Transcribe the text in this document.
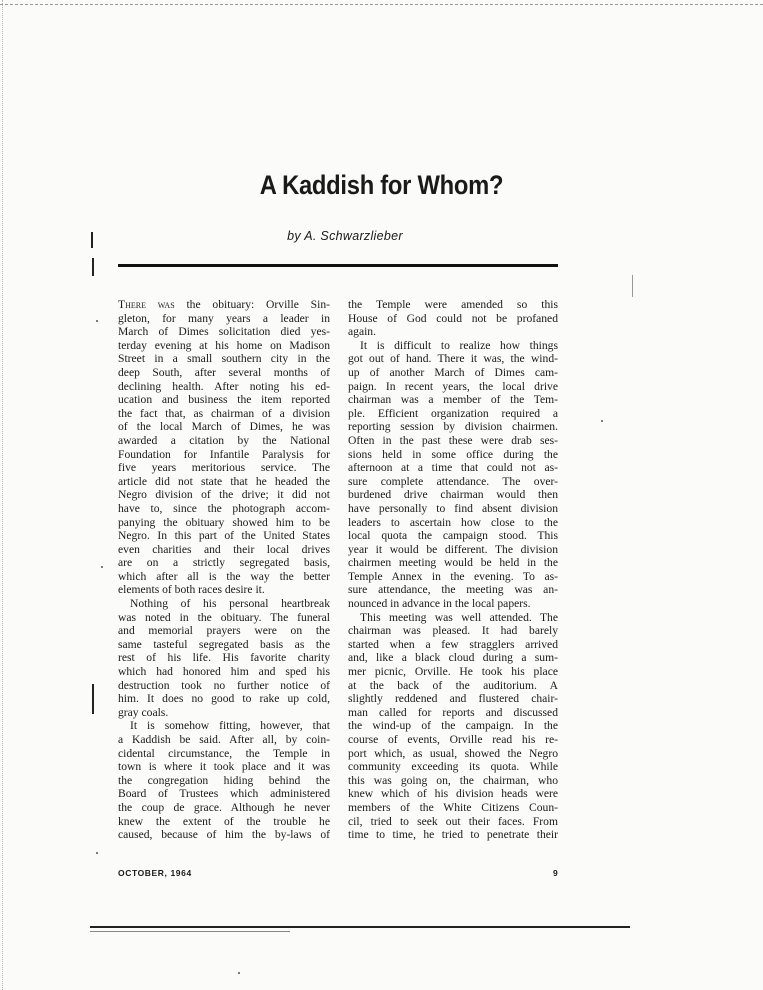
A Kaddish for Whom?
by A. Schwarzlieber
There was the obituary: Orville Sin-
gleton, for many years a leader in
March of Dimes solicitation died yes-
terday evening at his home on Madison
Street in a small southern city in the
deep South, after several months of
declining health. After noting his ed-
ucation and business the item reported
the fact that, as chairman of a division
of the local March of Dimes, he was
awarded a citation by the National
Foundation for Infantile Paralysis for
five years meritorious service. The
article did not state that he headed the
Negro division of the drive; it did not
have to, since the photograph accom-
panying the obituary showed him to be
Negro. In this part of the United States
even charities and their local drives
are on a strictly segregated basis,
which after all is the way the better
elements of both races desire it.
Nothing of his personal heartbreak
was noted in the obituary. The funeral
and memorial prayers were on the
same tasteful segregated basis as the
rest of his life. His favorite charity
which had honored him and sped his
destruction took no further notice of
him. It does no good to rake up cold,
gray coals.
It is somehow fitting, however, that
a Kaddish be said. After all, by coin-
cidental circumstance, the Temple in
town is where it took place and it was
the congregation hiding behind the
Board of Trustees which administered
the coup de grace. Although he never
knew the extent of the trouble he
caused, because of him the by-laws of
the Temple were amended so this
House of God could not be profaned
again.
It is difficult to realize how things
got out of hand. There it was, the wind-
up of another March of Dimes cam-
paign. In recent years, the local drive
chairman was a member of the Tem-
ple. Efficient organization required a
reporting session by division chairmen.
Often in the past these were drab ses-
sions held in some office during the
afternoon at a time that could not as-
sure complete attendance. The over-
burdened drive chairman would then
have personally to find absent division
leaders to ascertain how close to the
local quota the campaign stood. This
year it would be different. The division
chairmen meeting would be held in the
Temple Annex in the evening. To as-
sure attendance, the meeting was an-
nounced in advance in the local papers.
This meeting was well attended. The
chairman was pleased. It had barely
started when a few stragglers arrived
and, like a black cloud during a sum-
mer picnic, Orville. He took his place
at the back of the auditorium. A
slightly reddened and flustered chair-
man called for reports and discussed
the wind-up of the campaign. In the
course of events, Orville read his re-
port which, as usual, showed the Negro
community exceeding its quota. While
this was going on, the chairman, who
knew which of his division heads were
members of the White Citizens Coun-
cil, tried to seek out their faces. From
time to time, he tried to penetrate their
OCTOBER, 1964	9
